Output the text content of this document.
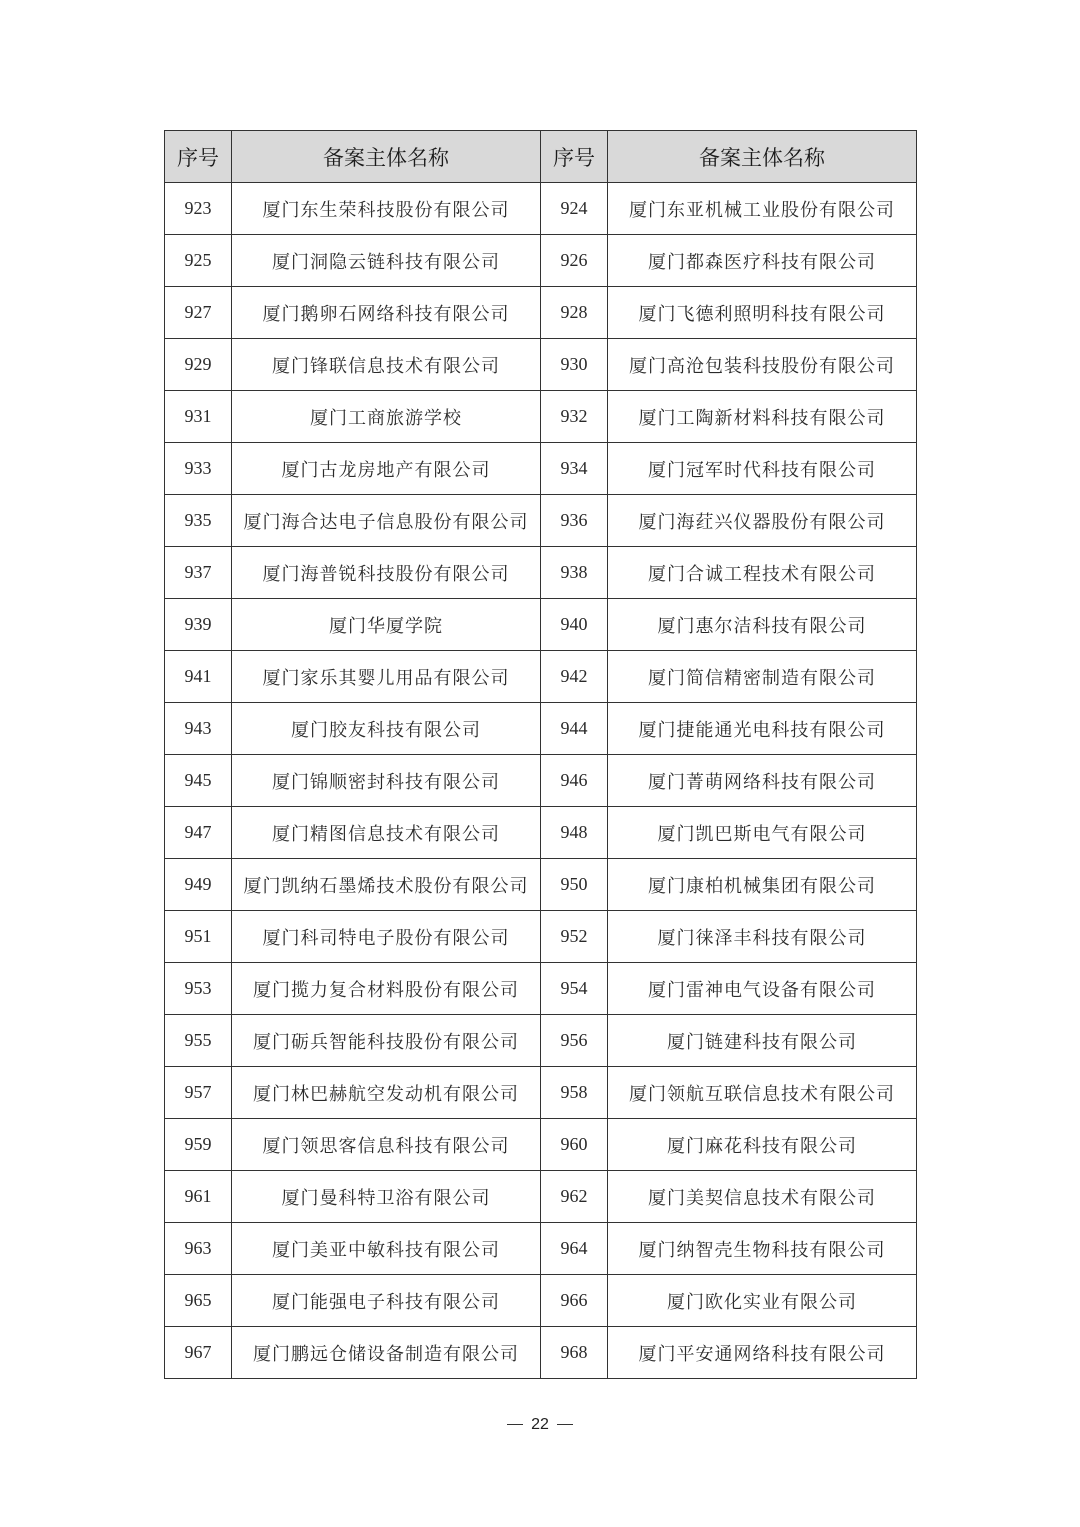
序号	备案主体名称	序号	备案主体名称
923	厦门东生荣科技股份有限公司	924	厦门东亚机械工业股份有限公司
925	厦门洞隐云链科技有限公司	926	厦门都森医疗科技有限公司
927	厦门鹅卵石网络科技有限公司	928	厦门飞德利照明科技有限公司
929	厦门锋联信息技术有限公司	930	厦门高沧包装科技股份有限公司
931	厦门工商旅游学校	932	厦门工陶新材料科技有限公司
933	厦门古龙房地产有限公司	934	厦门冠军时代科技有限公司
935	厦门海合达电子信息股份有限公司	936	厦门海荭兴仪器股份有限公司
937	厦门海普锐科技股份有限公司	938	厦门合诚工程技术有限公司
939	厦门华厦学院	940	厦门惠尔洁科技有限公司
941	厦门家乐其婴儿用品有限公司	942	厦门简信精密制造有限公司
943	厦门胶友科技有限公司	944	厦门捷能通光电科技有限公司
945	厦门锦顺密封科技有限公司	946	厦门菁萌网络科技有限公司
947	厦门精图信息技术有限公司	948	厦门凯巴斯电气有限公司
949	厦门凯纳石墨烯技术股份有限公司	950	厦门康柏机械集团有限公司
951	厦门科司特电子股份有限公司	952	厦门徕泽丰科技有限公司
953	厦门揽力复合材料股份有限公司	954	厦门雷神电气设备有限公司
955	厦门砺兵智能科技股份有限公司	956	厦门链建科技有限公司
957	厦门林巴赫航空发动机有限公司	958	厦门领航互联信息技术有限公司
959	厦门领思客信息科技有限公司	960	厦门麻花科技有限公司
961	厦门曼科特卫浴有限公司	962	厦门美契信息技术有限公司
963	厦门美亚中敏科技有限公司	964	厦门纳智壳生物科技有限公司
965	厦门能强电子科技有限公司	966	厦门欧化实业有限公司
967	厦门鹏远仓储设备制造有限公司	968	厦门平安通网络科技有限公司
22
